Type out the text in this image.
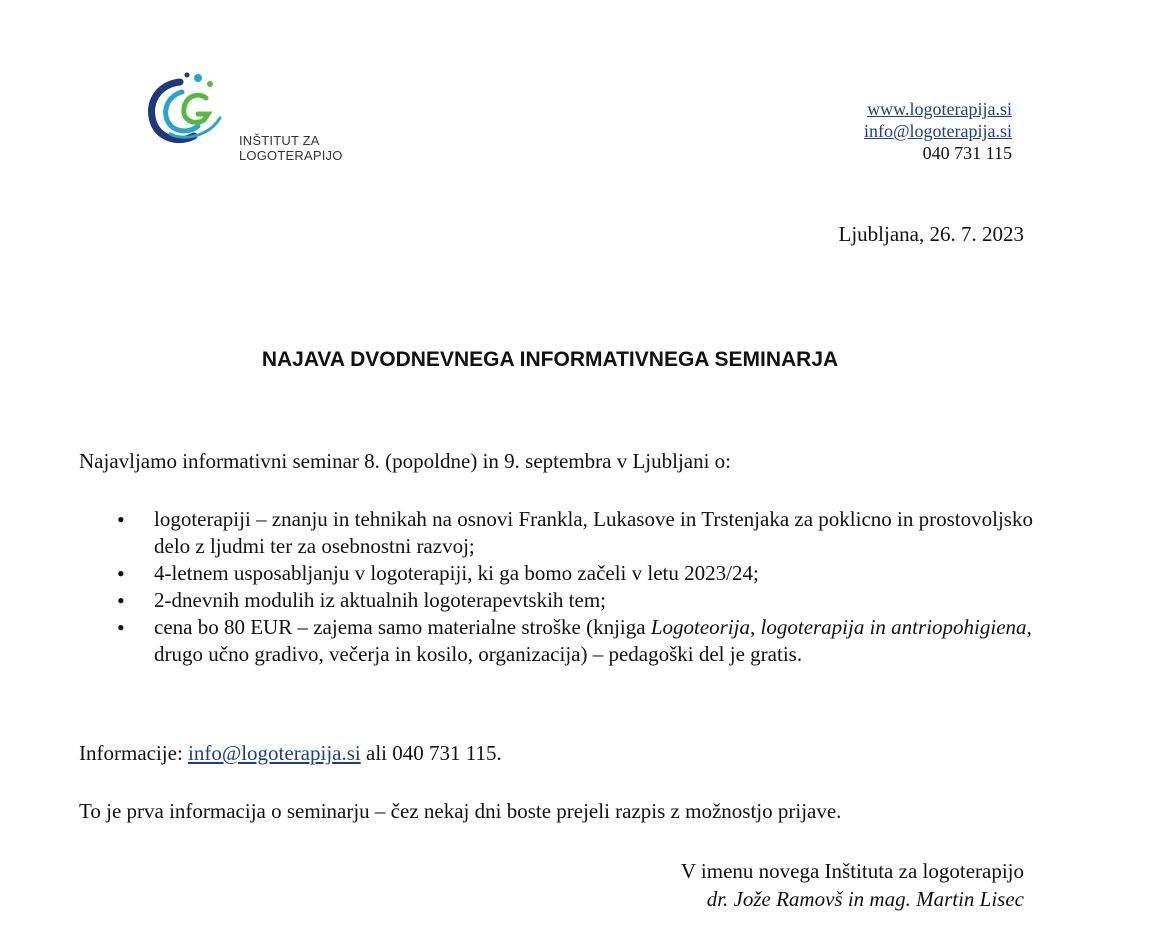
INŠTITUT ZA
LOGOTERAPIJO
www.logoterapija.si
info@logoterapija.si
040 731 115
Ljubljana, 26. 7. 2023
NAJAVA DVODNEVNEGA INFORMATIVNEGA SEMINARJA
Najavljamo informativni seminar 8. (popoldne) in 9. septembra v Ljubljani o:
• logoterapiji – znanju in tehnikah na osnovi Frankla, Lukasove in Trstenjaka za poklicno in prostovoljsko delo z ljudmi ter za osebnostni razvoj;
• 4-letnem usposabljanju v logoterapiji, ki ga bomo začeli v letu 2023/24;
• 2-dnevnih modulih iz aktualnih logoterapevtskih tem;
• cena bo 80 EUR – zajema samo materialne stroške (knjiga Logoteorija, logoterapija in antriopohigiena, drugo učno gradivo, večerja in kosilo, organizacija) – pedagoški del je gratis.
Informacije: info@logoterapija.si ali 040 731 115.
To je prva informacija o seminarju – čez nekaj dni boste prejeli razpis z možnostjo prijave.
V imenu novega Inštituta za logoterapijo
dr. Jože Ramovš in mag. Martin Lisec
